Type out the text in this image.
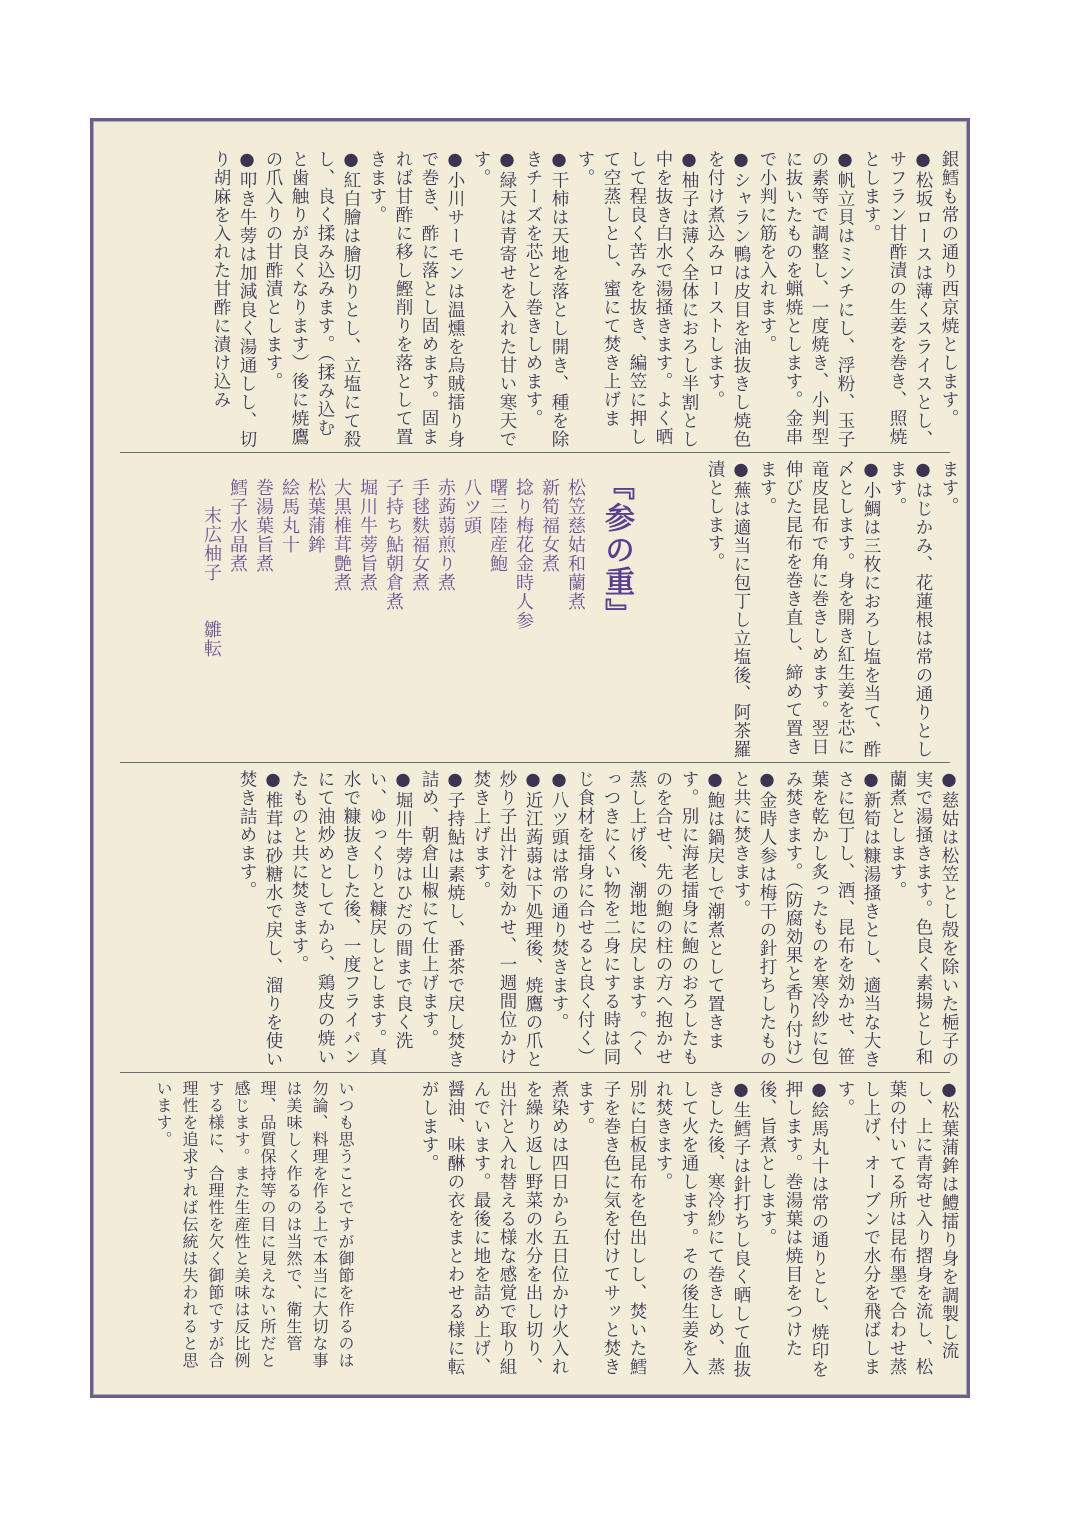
銀鱈も常の通り西京焼とします。

●松坂ロースは薄くスライスとし、サフラン甘酢漬の生姜を巻き、照焼とします。

●帆立貝はミンチにし、浮粉、玉子の素等で調整し、一度焼き、小判型に抜いたものを蝋焼とします。金串で小判に筋を入れます。

●シャラン鴨は皮目を油抜きし焼色を付け煮込みローストします。

●柚子は薄く全体におろし半割とし中を抜き白水で湯掻きます。よく晒して程良く苦みを抜き、編笠に押して空蒸しとし、蜜にて焚き上げます。

●干柿は天地を落とし開き、種を除きチーズを芯とし巻きしめます。

●緑天は青寄せを入れた甘い寒天です。

●小川サーモンは温燻を烏賊擂り身で巻き、酢に落とし固めます。固まれば甘酢に移し鰹削りを落として置きます。

●紅白膾は膾切りとし、立塩にて殺し、良く揉み込みます。（揉み込むと歯触りが良くなります）後に焼鷹の爪入りの甘酢漬とします。

●叩き牛蒡は加減良く湯通しし、切り胡麻を入れた甘酢に漬け込み

ます。

●はじかみ、花蓮根は常の通りとします。

●小鯛は三枚におろし塩を当て、酢〆とします。身を開き紅生姜を芯に竜皮昆布で角に巻きしめます。翌日伸びた昆布を巻き直し、締めて置きます。

●蕪は適当に包丁し立塩後、阿茶羅漬とします。

『参の重』
松笠慈姑和蘭煮
新筍福女煮
捻り梅花金時人参
曙三陸産鮑
八ツ頭
赤蒟蒻煎り煮
手毬麩福女煮
子持ち鮎朝倉煮
堀川牛蒡旨煮
大黒椎茸艶煮
松葉蒲鉾
絵馬丸十
巻湯葉旨煮
鱈子水晶煮
末広柚子　　雛転

●慈姑は松笠とし殻を除いた梔子の実で湯掻きます。色良く素揚とし和蘭煮とします。

●新筍は糠湯掻きとし、適当な大きさに包丁し、酒、昆布を効かせ、笹葉を乾かし炙ったものを寒冷紗に包み焚きます。（防腐効果と香り付け）

●金時人参は梅干の針打ちしたものと共に焚きます。

●鮑は鍋戻しで潮煮として置きます。別に海老擂身に鮑のおろしたものを合せ、先の鮑の柱の方へ抱かせ蒸し上げ後、潮地に戻します。（くっつきにくい物を二身にする時は同じ食材を擂身に合せると良く付く）

●八ツ頭は常の通り焚きます。

●近江蒟蒻は下処理後、焼鷹の爪と炒り子出汁を効かせ、一週間位かけ焚き上げます。

●子持鮎は素焼し、番茶で戻し焚き詰め、朝倉山椒にて仕上げます。

●堀川牛蒡はひだの間まで良く洗い、ゆっくりと糠戻しとします。真水で糠抜きした後、一度フライパンにて油炒めとしてから、鶏皮の焼いたものと共に焚きます。

●椎茸は砂糖水で戻し、溜りを使い焚き詰めます。

●松葉蒲鉾は鱧擂り身を調製し流し、上に青寄せ入り摺身を流し、松葉の付いてる所は昆布墨で合わせ蒸し上げ、オーブンで水分を飛ばします。

●絵馬丸十は常の通りとし、焼印を押します。巻湯葉は焼目をつけた後、旨煮とします。

●生鱈子は針打ちし良く晒して血抜きした後、寒冷紗にて巻きしめ、蒸して火を通します。その後生姜を入れ焚きます。

別に白板昆布を色出しし、焚いた鱈子を巻き色に気を付けてサッと焚きます。

煮染めは四日から五日位かけ火入れを繰り返し野菜の水分を出し切り、出汁と入れ替える様な感覚で取り組んでいます。最後に地を詰め上げ、醤油、味醂の衣をまとわせる様に転がします。

いつも思うことですが御節を作るのは勿論、料理を作る上で本当に大切な事は美味しく作るのは当然で、衛生管理、品質保持等の目に見えない所だと感じます。また生産性と美味は反比例する様に、合理性を欠く御節ですが合理性を追求すれば伝統は失われると思います。
